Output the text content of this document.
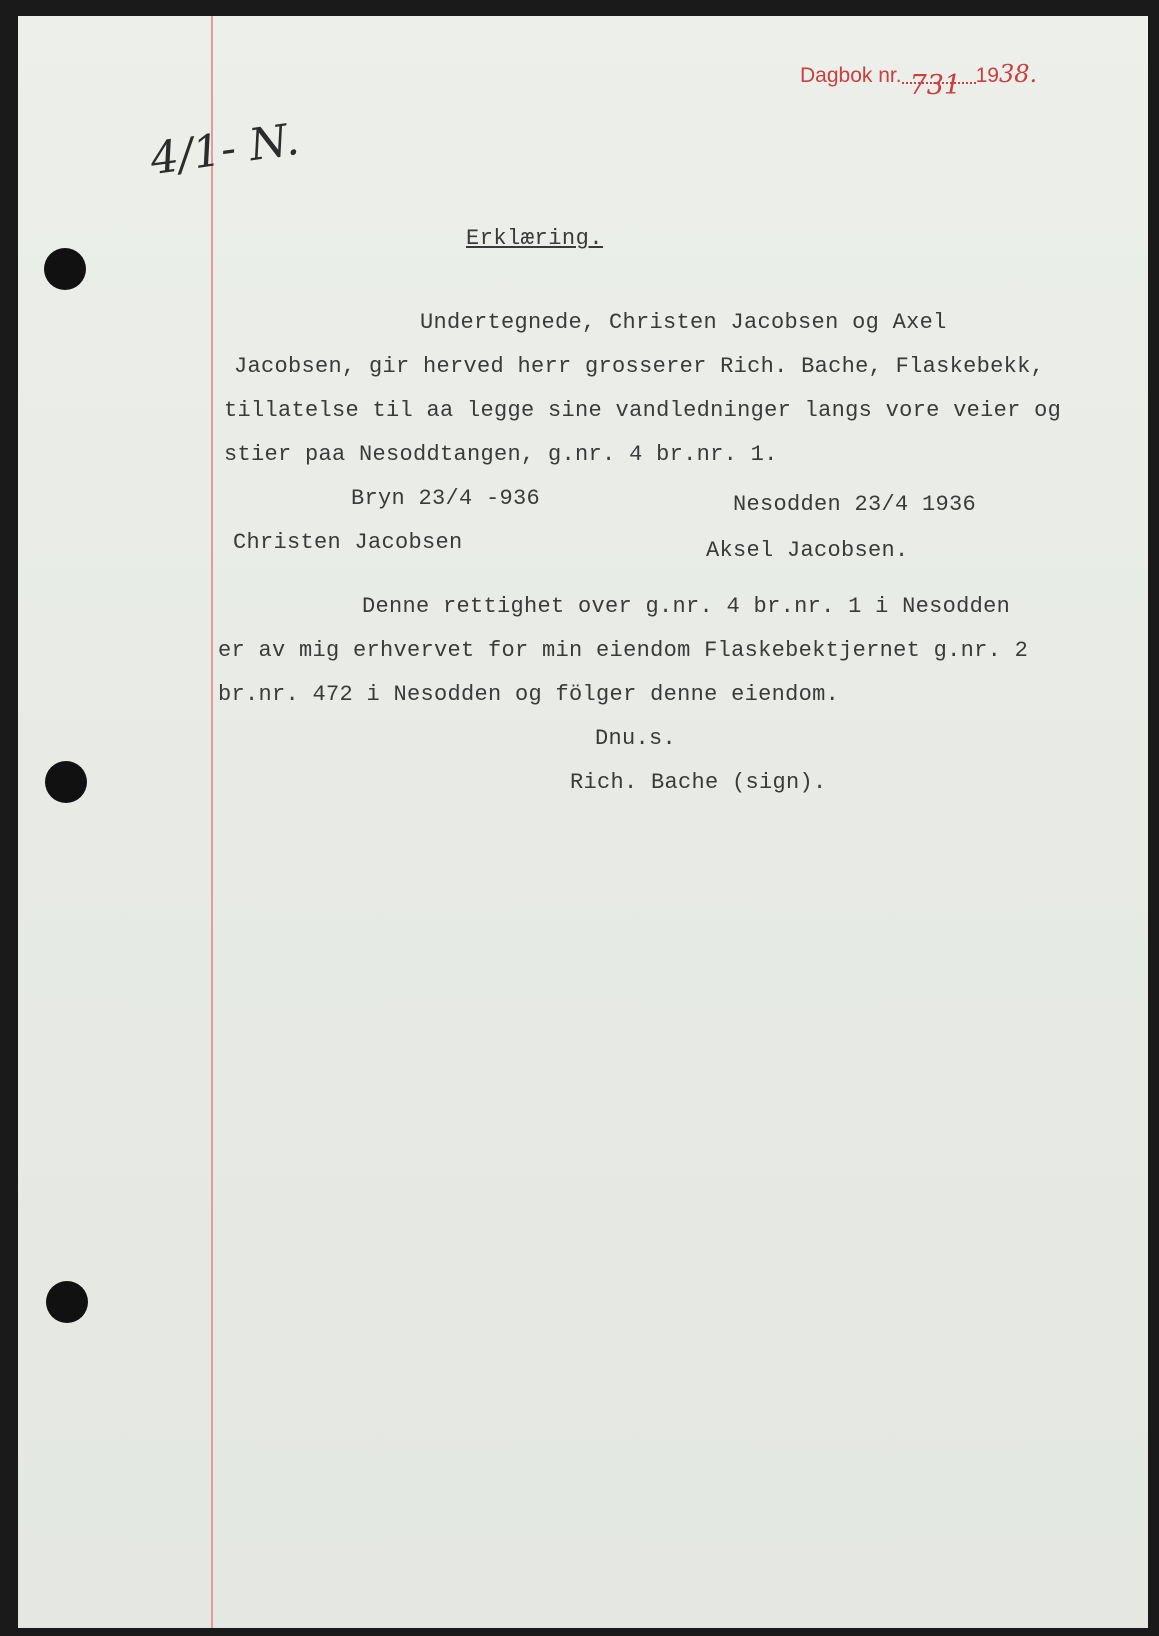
Dagbok nr. 731 1938.
4/1- N.
Erklæring.
Undertegnede, Christen Jacobsen og Axel
Jacobsen, gir herved herr grosserer Rich. Bache, Flaskebekk,
tillatelse til aa legge sine vandledninger langs vore veier og
stier paa Nesoddtangen, g.nr. 4 br.nr. 1.
Bryn 23/4 -936	Nesodden 23/4 1936
Christen Jacobsen	Aksel Jacobsen.
Denne rettighet over g.nr. 4 br.nr. 1 i Nesodden
er av mig erhvervet for min eiendom Flaskebektjernet g.nr. 2
br.nr. 472 i Nesodden og fölger denne eiendom.
Dnu.s.
Rich. Bache (sign).
